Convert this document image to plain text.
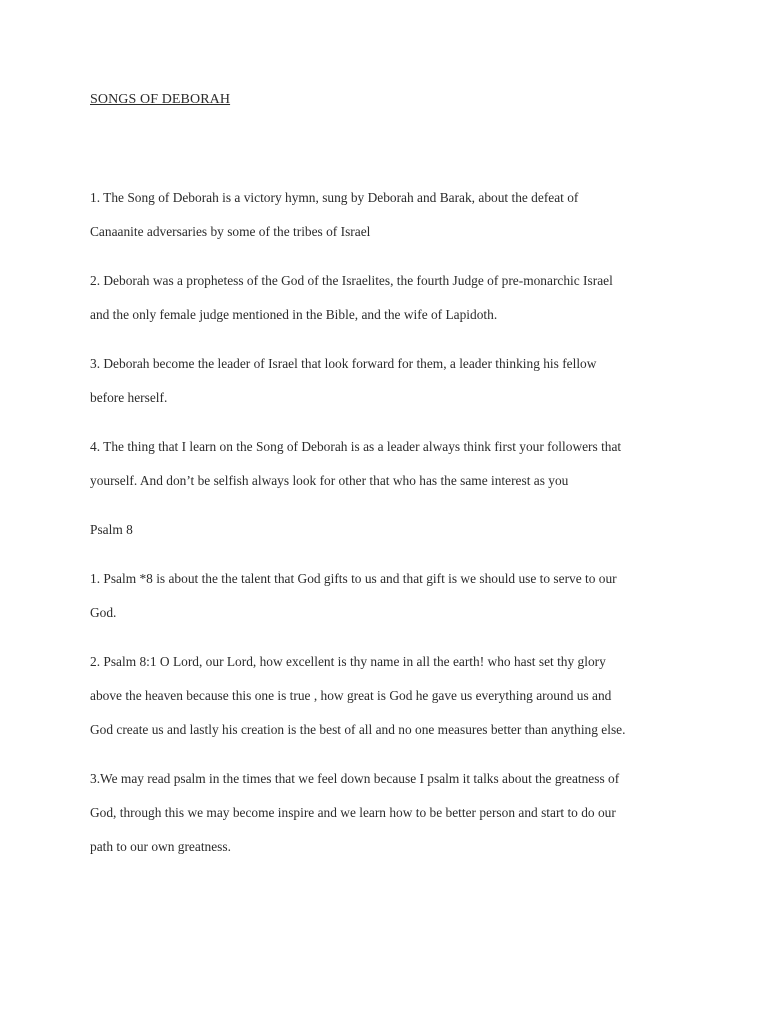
SONGS OF DEBORAH
1. The Song of Deborah is a victory hymn, sung by Deborah and Barak, about the defeat of
Canaanite adversaries by some of the tribes of Israel
2. Deborah was a prophetess of the God of the Israelites, the fourth Judge of pre-monarchic Israel
and the only female judge mentioned in the Bible, and the wife of Lapidoth.
3. Deborah become the leader of Israel that look forward for them, a leader thinking his fellow
before herself.
4. The thing that I learn on the Song of Deborah is as a leader always think first your followers that
yourself. And don’t be selfish always look for other that who has the same interest as you
Psalm 8
1. Psalm *8 is about the the talent that God gifts to us and that gift is we should use to serve to our
God.
2. Psalm 8:1 O Lord, our Lord, how excellent is thy name in all the earth! who hast set thy glory
above the heaven because this one is true , how great is God he gave us everything around us and
God create us and lastly his creation is the best of all and no one measures better than anything else.
3.We may read psalm in the times that we feel down because I psalm it talks about the greatness of
God, through this we may become inspire and we learn how to be better person and start to do our
path to our own greatness.
